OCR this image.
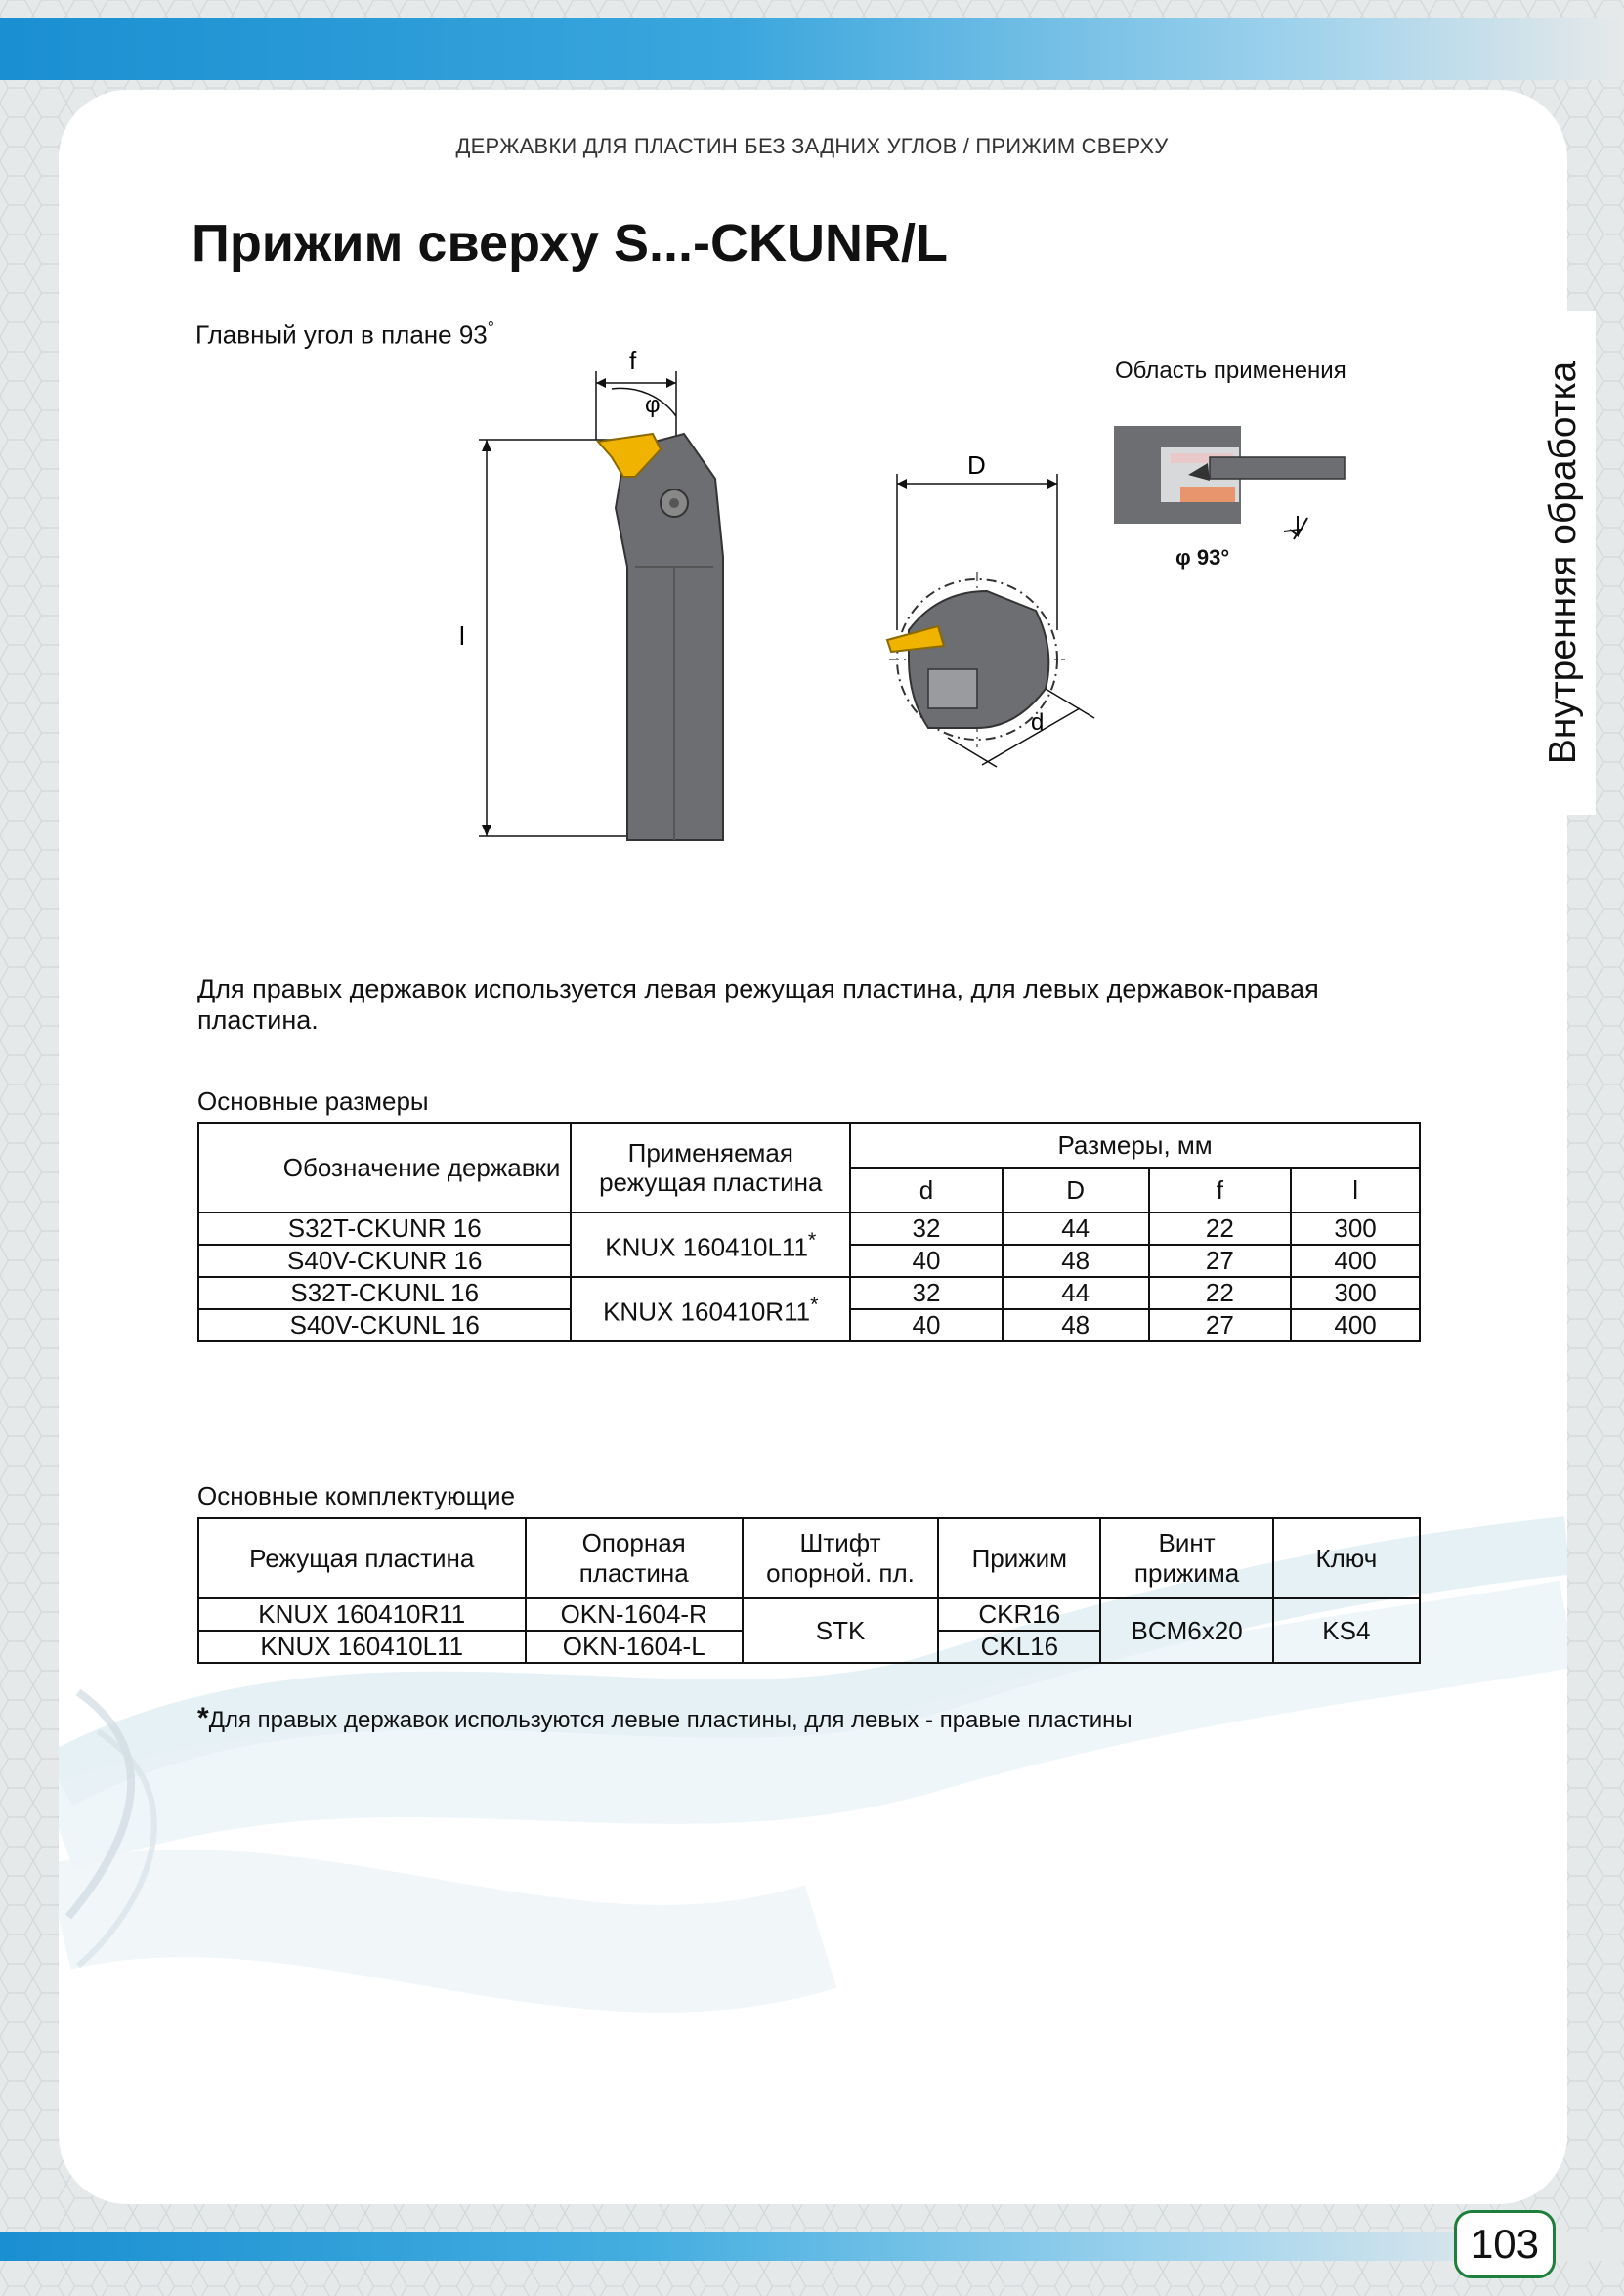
Внутренняя обработка
ДЕРЖАВКИ ДЛЯ ПЛАСТИН БЕЗ ЗАДНИХ УГЛОВ / ПРИЖИМ СВЕРХУ
Прижим сверху S...-CKUNR/L
Главный угол в плане 93°
l
f
φ
D
d
Область применения
φ 93°
Для правых державок используется левая режущая пластина, для левых державок-правая пластина.
Основные размеры
Обозначение державки	Применяемая режущая пластина	Размеры, мм			
		d	D	f	l
S32T-CKUNR 16	KNUX 160410L11*	32	44	22	300
S40V-CKUNR 16		40	48	27	400
S32T-CKUNL 16	KNUX 160410R11*	32	44	22	300
S40V-CKUNL 16		40	48	27	400
Основные комплектующие
Режущая пластина	Опорная пластина	Штифт опорной. пл.	Прижим	Винт прижима	Ключ
KNUX 160410R11	OKN-1604-R	STK	CKR16	BCM6x20	KS4
KNUX 160410L11	OKN-1604-L		CKL16		
*Для правых державок используются левые пластины, для левых - правые пластины
103
